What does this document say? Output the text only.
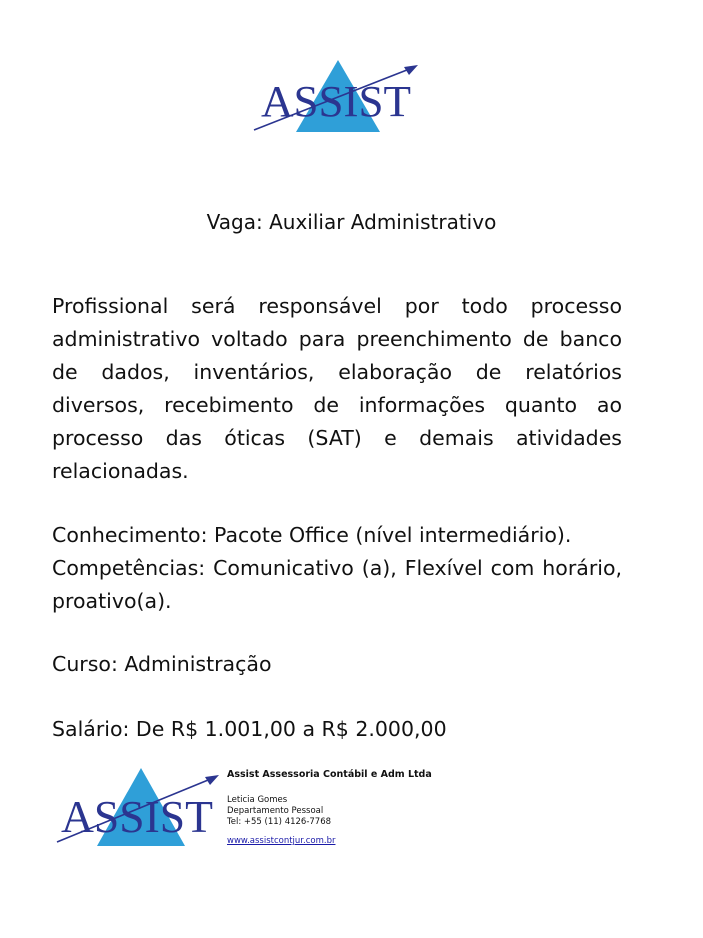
ASSIST
Vaga: Auxiliar Administrativo

Profissional será responsável por todo processo administrativo voltado para preenchimento de banco de dados, inventários, elaboração de relatórios diversos, recebimento de informações quanto ao processo das óticas (SAT) e demais atividades relacionadas.

Conhecimento: Pacote Office (nível intermediário).

Competências: Comunicativo (a), Flexível com horário, proativo(a).

Curso: Administração

Salário: De R$ 1.001,00 a R$ 2.000,00

ASSIST

Assist Assessoria Contábil e Adm Ltda

Leticia Gomes

Departamento Pessoal

Tel: +55 (11) 4126-7768

www.assistcontjur.com.br
